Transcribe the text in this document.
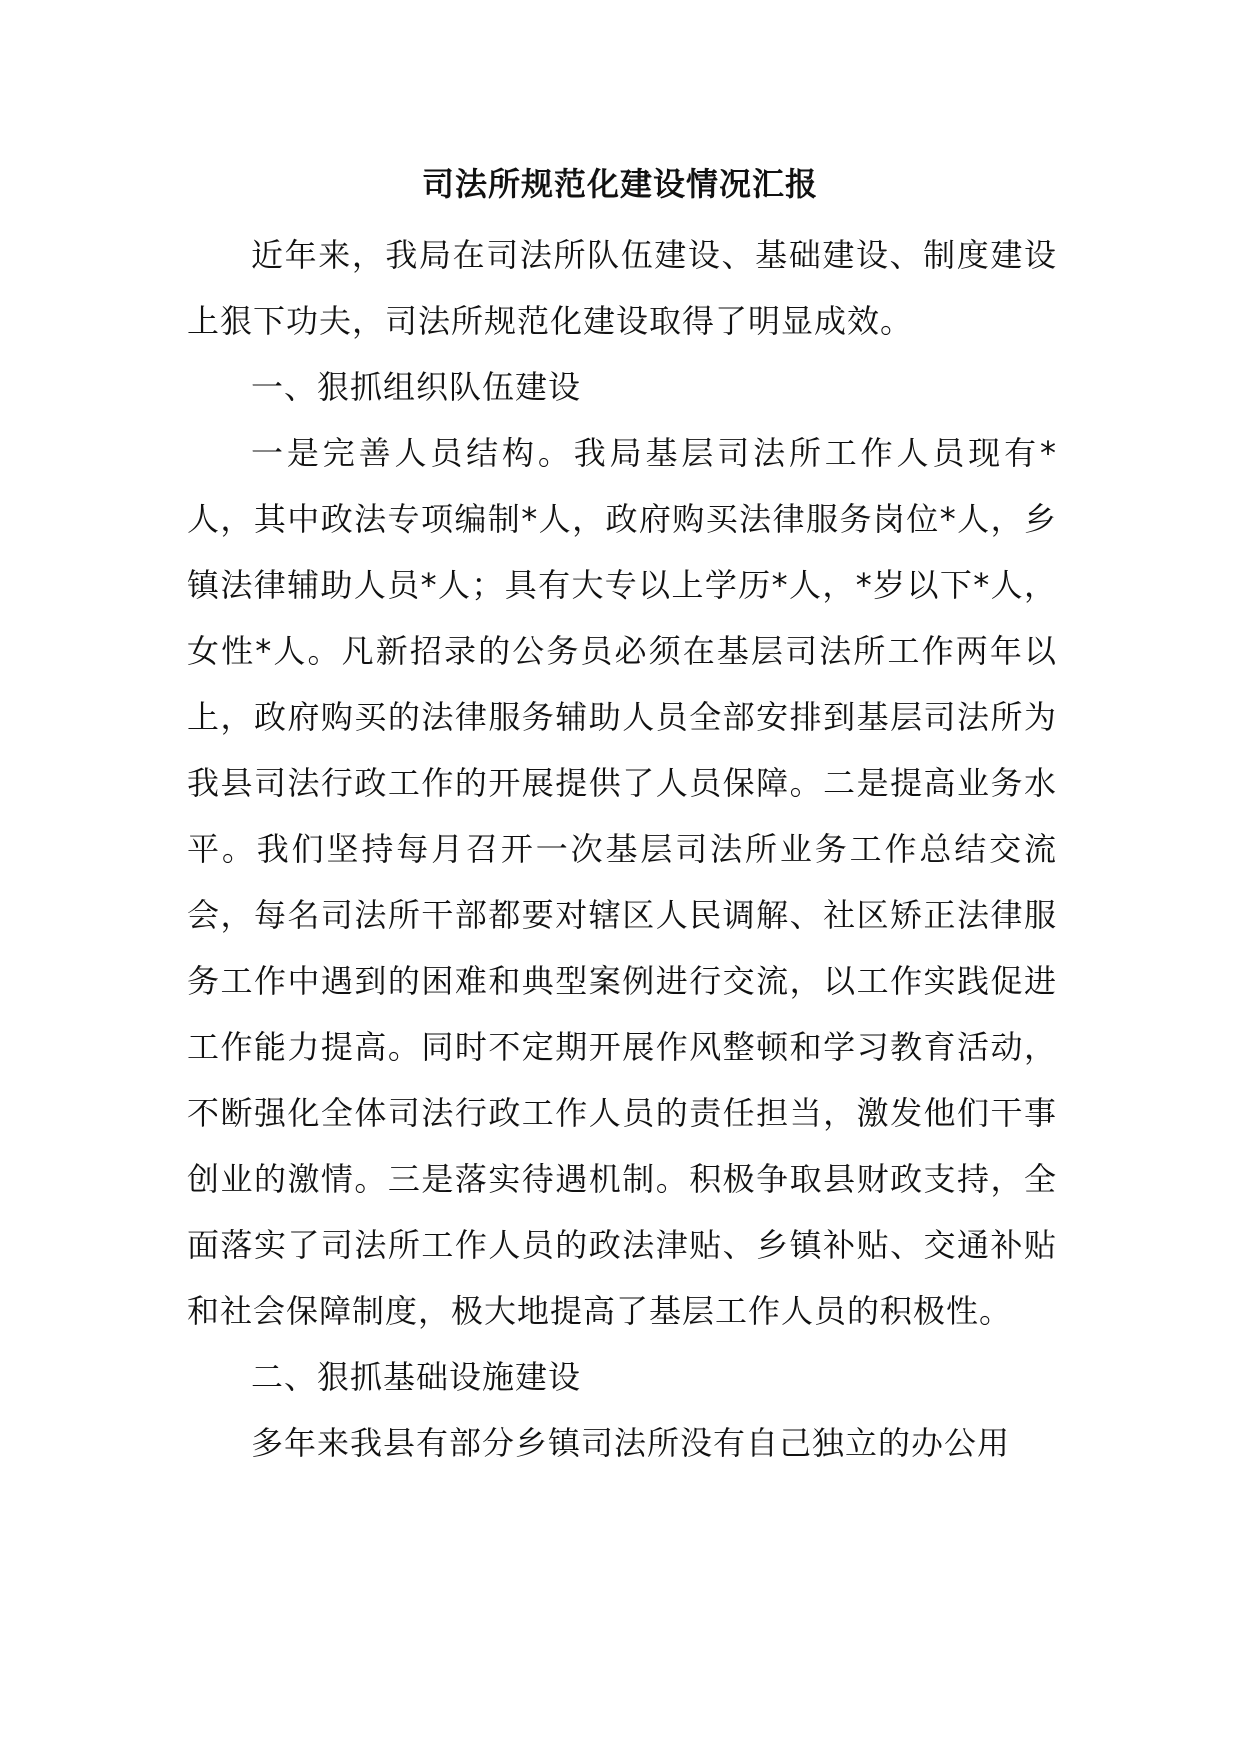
司法所规范化建设情况汇报

近年来，我局在司法所队伍建设、基础建设、制度建设上狠下功夫，司法所规范化建设取得了明显成效。

一、狠抓组织队伍建设

一是完善人员结构。我局基层司法所工作人员现有*人，其中政法专项编制*人，政府购买法律服务岗位*人，乡镇法律辅助人员*人；具有大专以上学历*人，*岁以下*人，女性*人。凡新招录的公务员必须在基层司法所工作两年以上，政府购买的法律服务辅助人员全部安排到基层司法所为我县司法行政工作的开展提供了人员保障。二是提高业务水平。我们坚持每月召开一次基层司法所业务工作总结交流会，每名司法所干部都要对辖区人民调解、社区矫正法律服务工作中遇到的困难和典型案例进行交流，以工作实践促进工作能力提高。同时不定期开展作风整顿和学习教育活动，不断强化全体司法行政工作人员的责任担当，激发他们干事创业的激情。三是落实待遇机制。积极争取县财政支持，全面落实了司法所工作人员的政法津贴、乡镇补贴、交通补贴和社会保障制度，极大地提高了基层工作人员的积极性。

二、狠抓基础设施建设

多年来我县有部分乡镇司法所没有自己独立的办公用
